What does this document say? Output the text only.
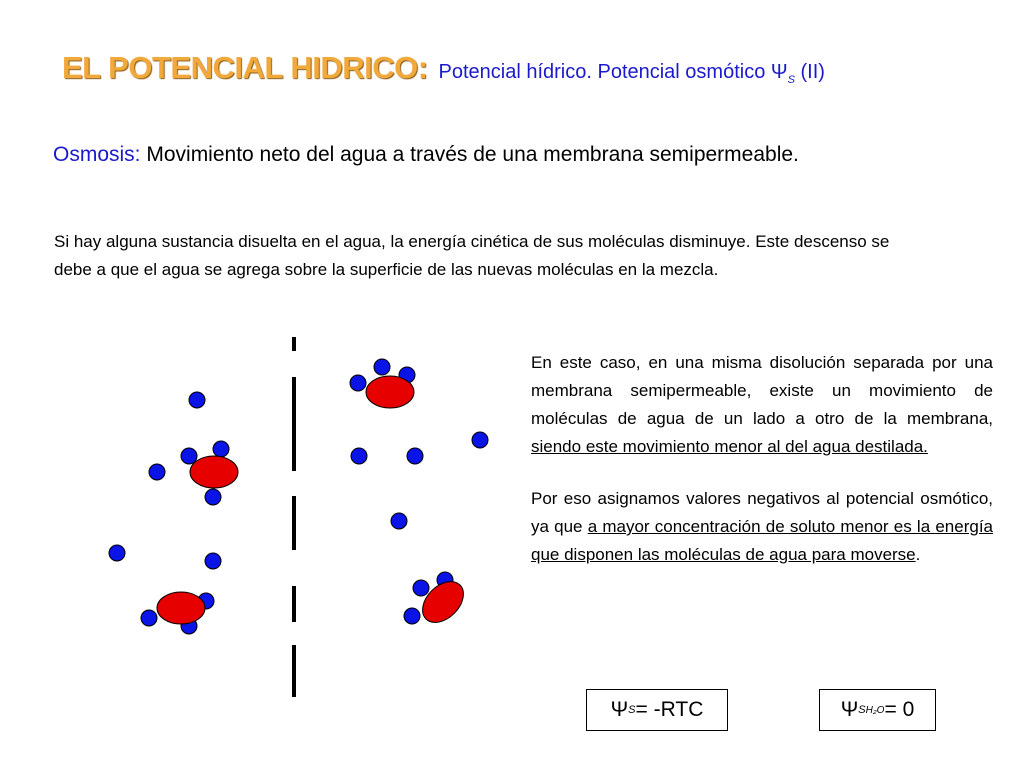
EL POTENCIAL HIDRICO: Potencial hídrico. Potencial osmótico $\Psi_S$ (II)
Osmosis: Movimiento neto del agua a través de una membrana semipermeable.
Si hay alguna sustancia disuelta en el agua, la energía cinética de sus moléculas disminuye. Este descenso se debe a que el agua se agrega sobre la superficie de las nuevas moléculas en la mezcla.

En este caso, en una misma disolución separada por una membrana semipermeable, existe un movimiento de moléculas de agua de un lado a otro de la membrana, siendo este movimiento menor al del agua destilada.

Por eso asignamos valores negativos al potencial osmótico, ya que a mayor concentración de soluto menor es la energía que disponen las moléculas de agua para moverse.

Ψ S = -RTC	Ψ S H₂O = 0
